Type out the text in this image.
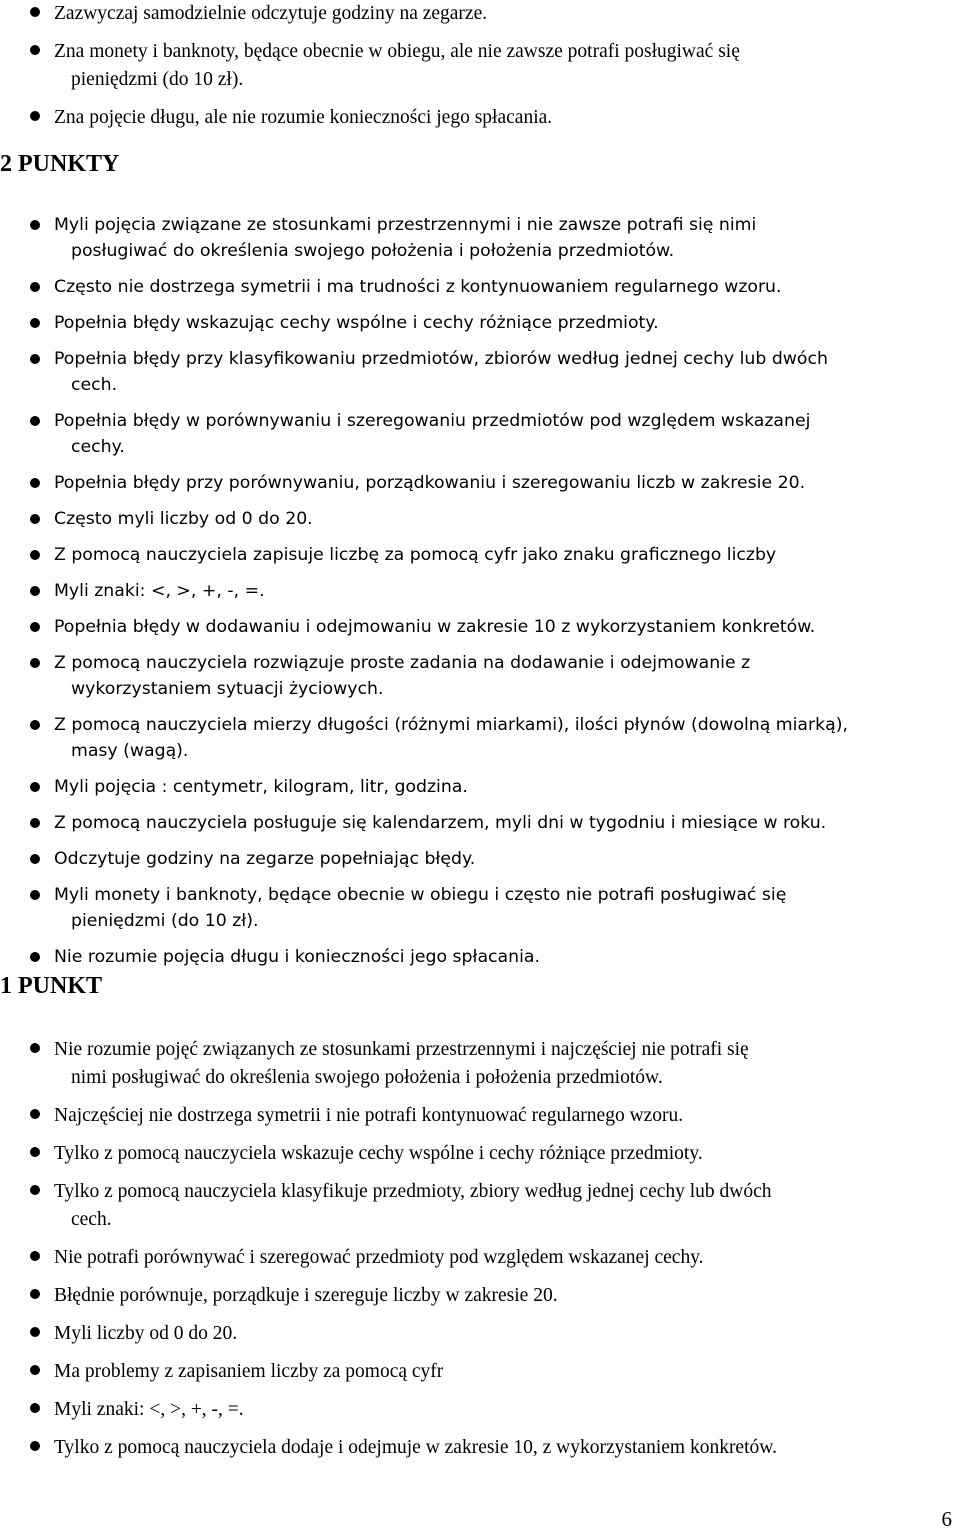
Zazwyczaj samodzielnie odczytuje godziny na zegarze.
Zna monety i banknoty, będące obecnie w obiegu, ale nie zawsze potrafi posługiwać się
pieniędzmi (do 10 zł).
Zna pojęcie długu, ale nie rozumie konieczności jego spłacania.
2 PUNKTY
Myli pojęcia związane ze stosunkami przestrzennymi i nie zawsze potrafi się nimi
posługiwać do określenia swojego położenia i położenia przedmiotów.
Często nie dostrzega symetrii i ma trudności z kontynuowaniem regularnego wzoru.
Popełnia błędy wskazując cechy wspólne i cechy różniące przedmioty.
Popełnia błędy przy klasyfikowaniu przedmiotów, zbiorów według jednej cechy lub dwóch
cech.
Popełnia błędy w porównywaniu i szeregowaniu przedmiotów pod względem wskazanej
cechy.
Popełnia błędy przy porównywaniu, porządkowaniu i szeregowaniu liczb w zakresie 20.
Często myli liczby od 0 do 20.
Z pomocą nauczyciela zapisuje liczbę za pomocą cyfr jako znaku graficznego liczby
Myli znaki: <, >, +, -, =.
Popełnia błędy w dodawaniu i odejmowaniu w zakresie 10 z wykorzystaniem konkretów.
Z pomocą nauczyciela rozwiązuje proste zadania na dodawanie i odejmowanie z
wykorzystaniem sytuacji życiowych.
Z pomocą nauczyciela mierzy długości (różnymi miarkami), ilości płynów (dowolną miarką),
masy (wagą).
Myli pojęcia : centymetr, kilogram, litr, godzina.
Z pomocą nauczyciela posługuje się kalendarzem, myli dni w tygodniu i miesiące w roku.
Odczytuje godziny na zegarze popełniając błędy.
Myli monety i banknoty, będące obecnie w obiegu i często nie potrafi posługiwać się
pieniędzmi (do 10 zł).
Nie rozumie pojęcia długu i konieczności jego spłacania.
1 PUNKT
Nie rozumie pojęć związanych ze stosunkami przestrzennymi i najczęściej nie potrafi się
nimi posługiwać do określenia swojego położenia i położenia przedmiotów.
Najczęściej nie dostrzega symetrii i nie potrafi kontynuować regularnego wzoru.
Tylko z pomocą nauczyciela wskazuje cechy wspólne i cechy różniące przedmioty.
Tylko z pomocą nauczyciela klasyfikuje przedmioty, zbiory według jednej cechy lub dwóch
cech.
Nie potrafi porównywać i szeregować przedmioty pod względem wskazanej cechy.
Błędnie porównuje, porządkuje i szereguje liczby w zakresie 20.
Myli liczby od 0 do 20.
Ma problemy z zapisaniem liczby za pomocą cyfr
Myli znaki: <, >, +, -, =.
Tylko z pomocą nauczyciela dodaje i odejmuje w zakresie 10, z wykorzystaniem konkretów.
6
